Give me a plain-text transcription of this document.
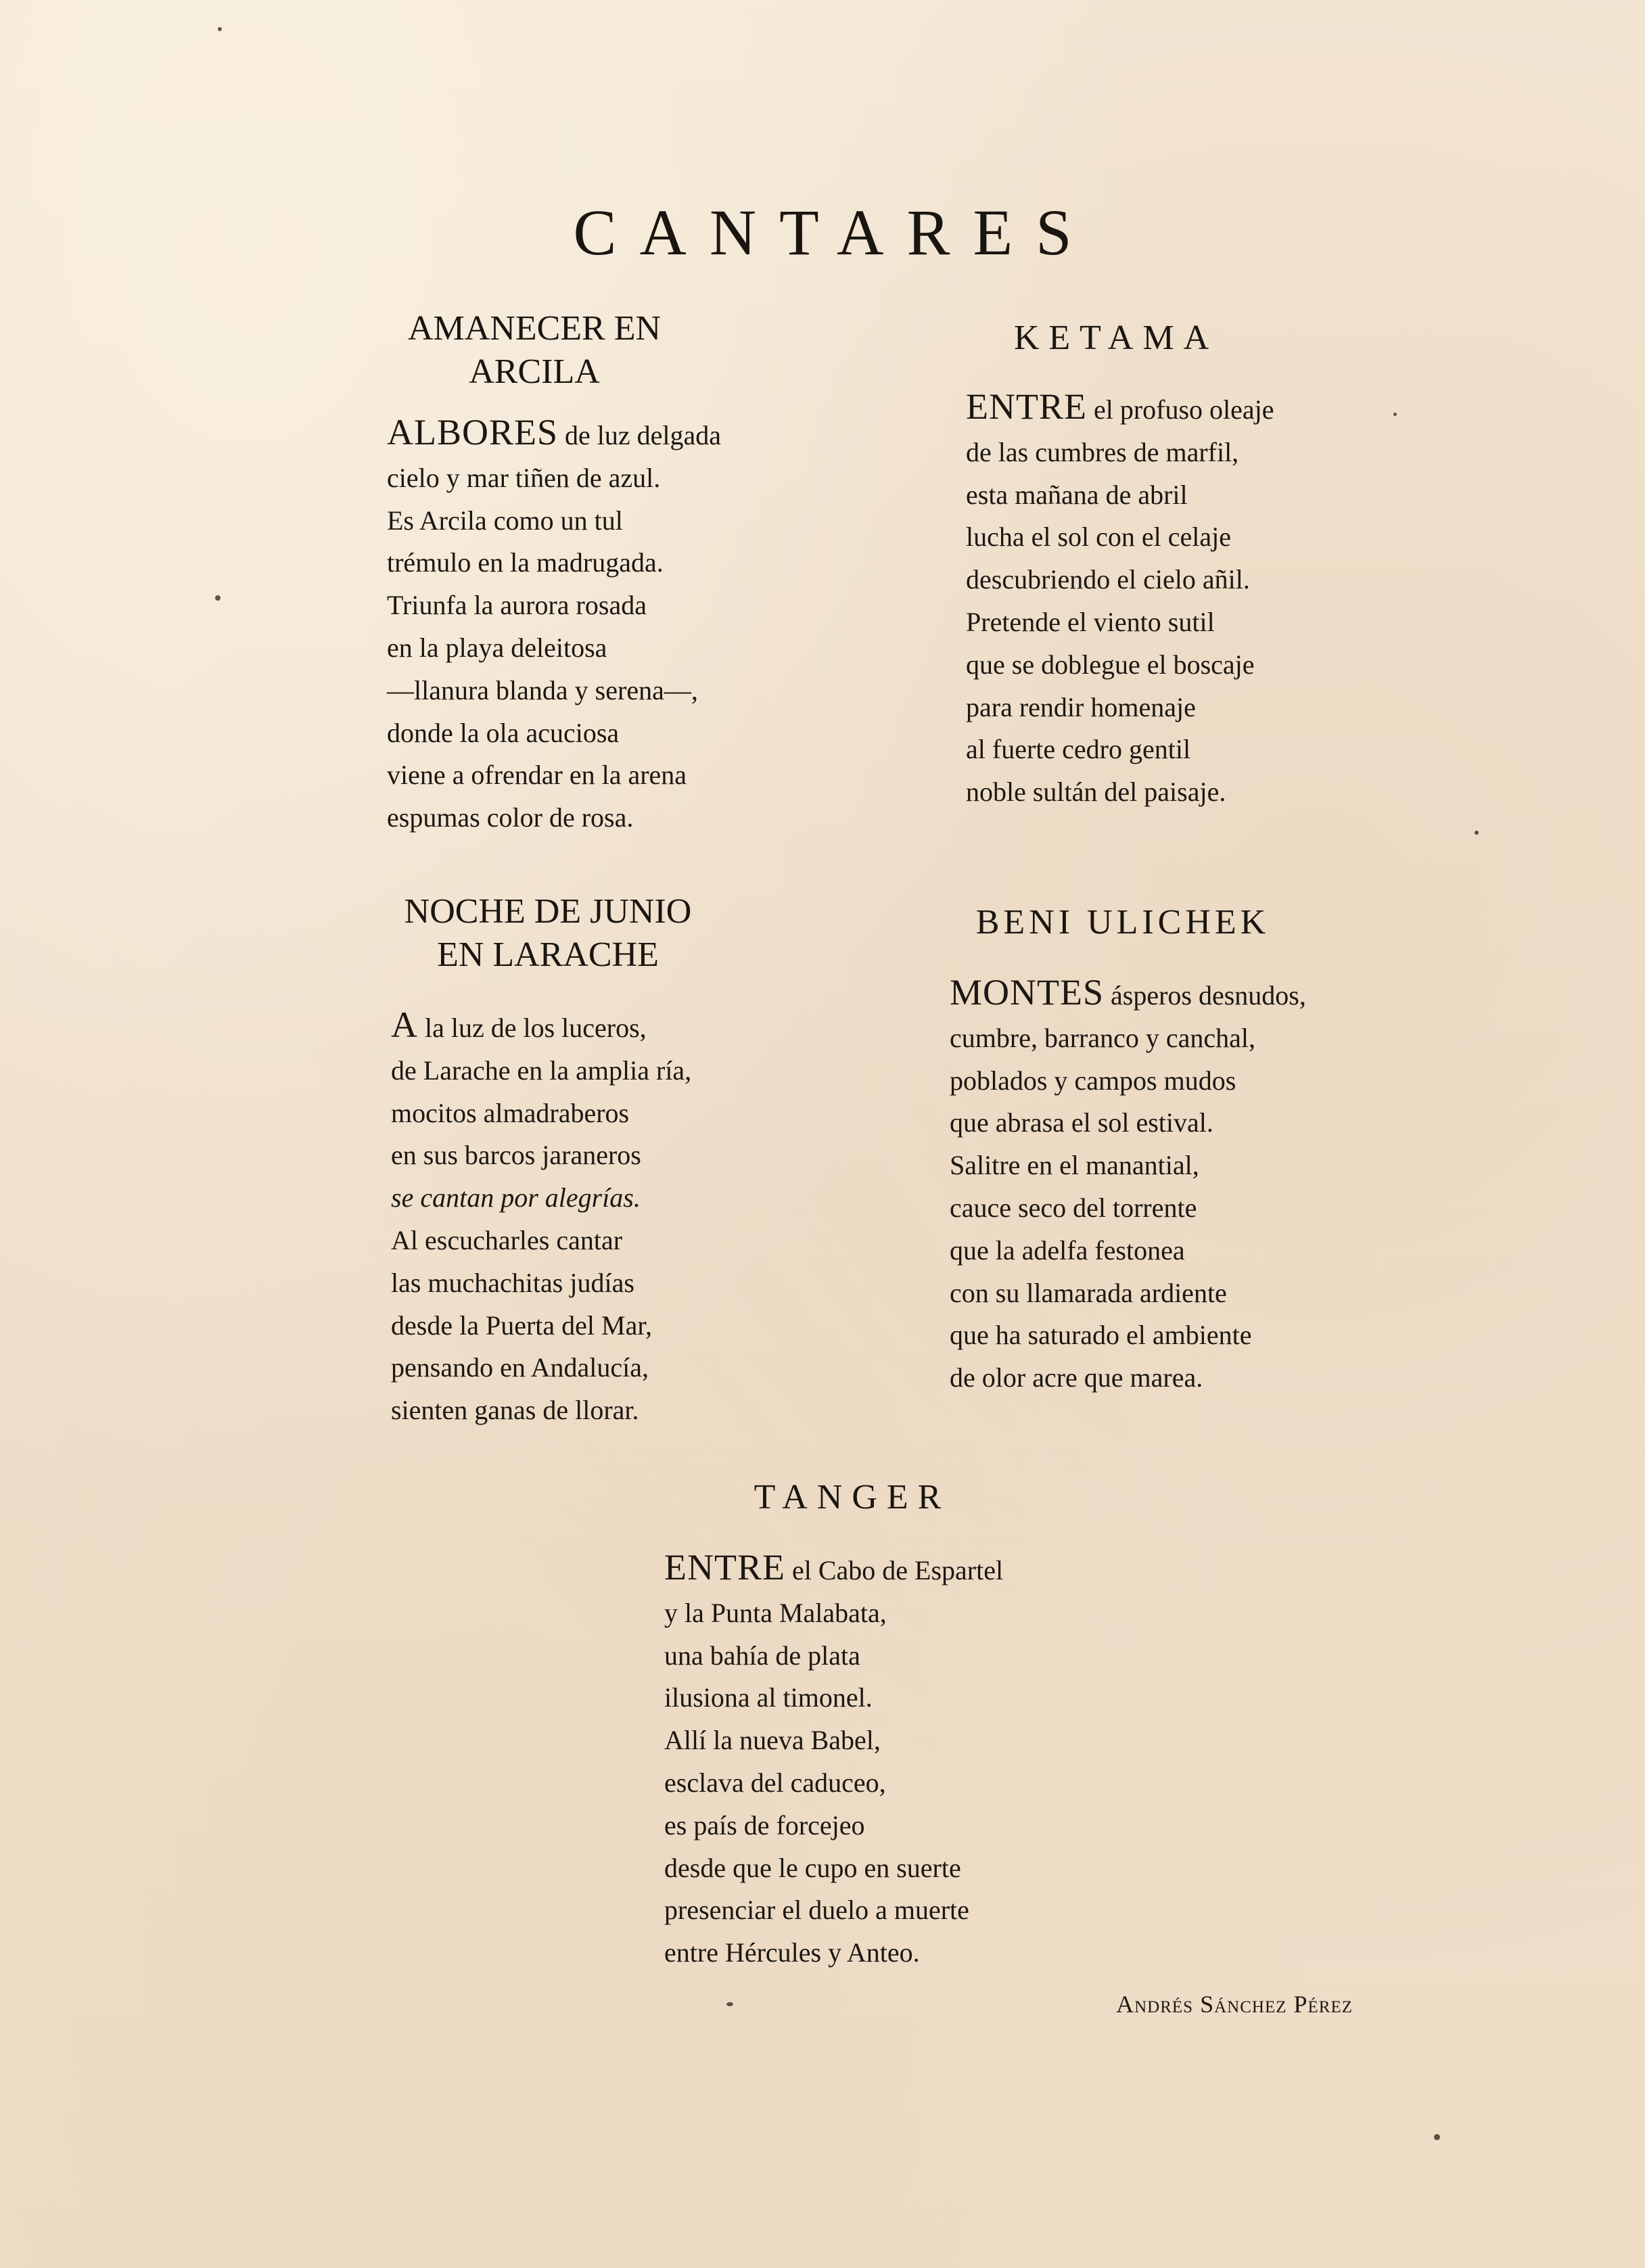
CANTARES
AMANECER EN
ARCILA
ALBORES de luz delgada
cielo y mar tiñen de azul.
Es Arcila como un tul
trémulo en la madrugada.
Triunfa la aurora rosada
en la playa deleitosa
—llanura blanda y serena—,
donde la ola acuciosa
viene a ofrendar en la arena
espumas color de rosa.
KETAMA
ENTRE el profuso oleaje
de las cumbres de marfil,
esta mañana de abril
lucha el sol con el celaje
descubriendo el cielo añil.
Pretende el viento sutil
que se doblegue el boscaje
para rendir homenaje
al fuerte cedro gentil
noble sultán del paisaje.
NOCHE DE JUNIO
EN LARACHE
A la luz de los luceros,
de Larache en la amplia ría,
mocitos almadraberos
en sus barcos jaraneros
se cantan por alegrías.
Al escucharles cantar
las muchachitas judías
desde la Puerta del Mar,
pensando en Andalucía,
sienten ganas de llorar.
BENI ULICHEK
MONTES ásperos desnudos,
cumbre, barranco y canchal,
poblados y campos mudos
que abrasa el sol estival.
Salitre en el manantial,
cauce seco del torrente
que la adelfa festonea
con su llamarada ardiente
que ha saturado el ambiente
de olor acre que marea.
TANGER
ENTRE el Cabo de Espartel
y la Punta Malabata,
una bahía de plata
ilusiona al timonel.
Allí la nueva Babel,
esclava del caduceo,
es país de forcejeo
desde que le cupo en suerte
presenciar el duelo a muerte
entre Hércules y Anteo.
Andrés Sánchez Pérez
